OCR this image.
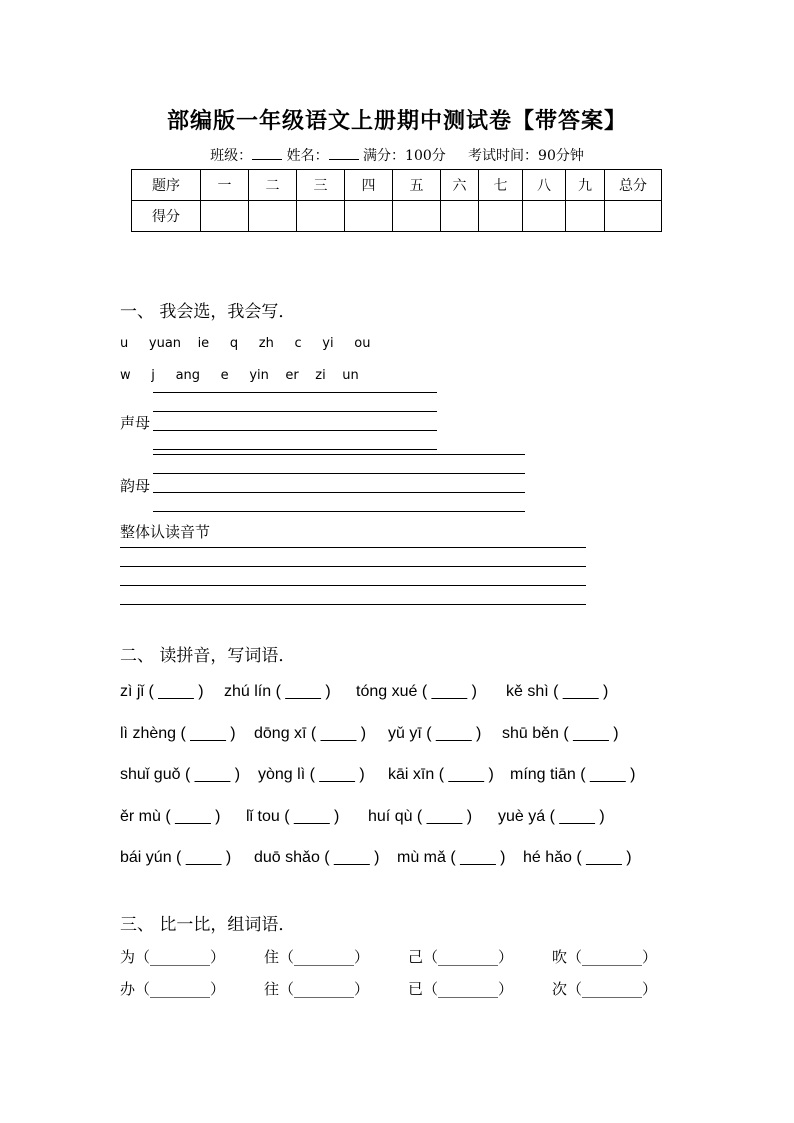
部编版一年级语文上册期中测试卷【带答案】
班级： 姓名： 满分：100分 考试时间：90分钟
题序	一	二	三	四	五	六	七	八	九	总分
得分										
一、 我会选，我会写．
u     yuan    ie     q     zh     c     yi     ou
w     j     ang     e     yin    er    zi    un
声母
韵母
整体认读音节
二、 读拼音，写词语．
zì jǐ ( ____ ) zhú lín ( ____ ) tóng xué ( ____ ) kě shì ( ____ )
lì zhèng ( ____ ) dōng xī ( ____ ) yǔ yī ( ____ ) shū běn ( ____ )
shuǐ guǒ ( ____ ) yòng lì ( ____ ) kāi xīn ( ____ ) míng tiān ( ____ )
ěr mù ( ____ ) lǐ tou ( ____ ) huí qù ( ____ ) yuè yá ( ____ )
bái yún ( ____ ) duō shǎo ( ____ ) mù mǎ ( ____ ) hé hǎo ( ____ )
三、 比一比，组词语．
为（________）	住（________）	己（________）	吹（________）
办（________）	往（________）	已（________）	次（________）
